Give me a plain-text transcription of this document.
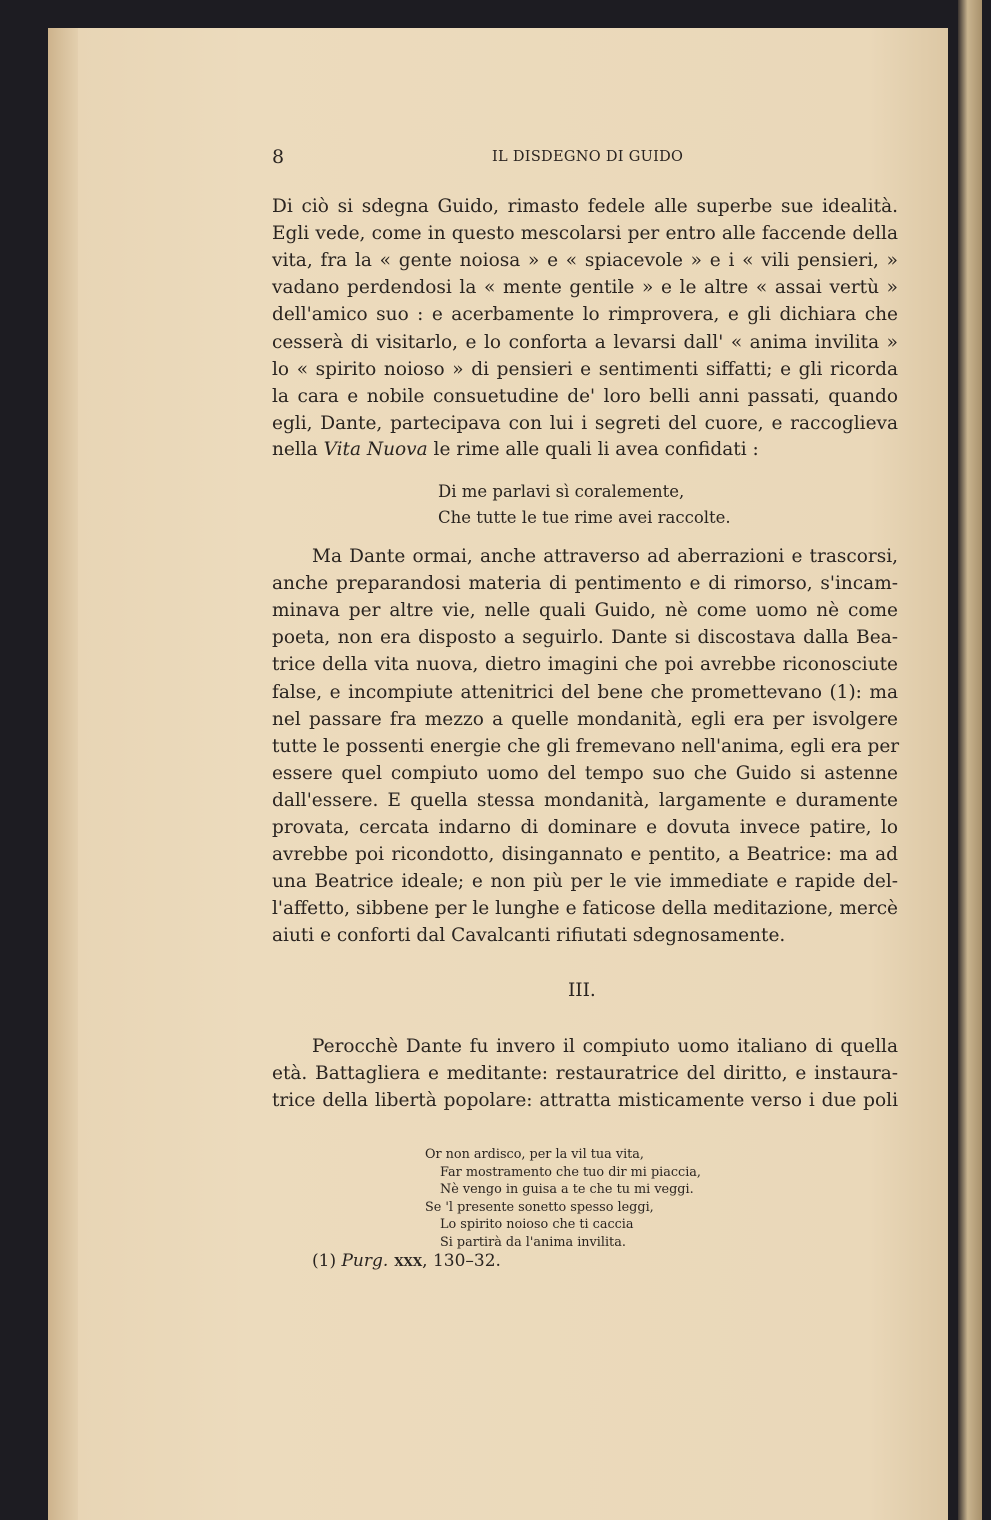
8	IL DISDEGNO DI GUIDO
Di ciò si sdegna Guido, rimasto fedele alle superbe sue idealità.
Egli vede, come in questo mescolarsi per entro alle faccende della
vita, fra la « gente noiosa » e « spiacevole » e i « vili pensieri, »
vadano perdendosi la « mente gentile » e le altre « assai vertù »
dell'amico suo : e acerbamente lo rimprovera, e gli dichiara che
cesserà di visitarlo, e lo conforta a levarsi dall' « anima invilita »
lo « spirito noioso » di pensieri e sentimenti siffatti; e gli ricorda
la cara e nobile consuetudine de' loro belli anni passati, quando
egli, Dante, partecipava con lui i segreti del cuore, e raccoglieva
nella Vita Nuova le rime alle quali li avea confidati :
Di me parlavi sì coralemente,
Che tutte le tue rime avei raccolte.
Ma Dante ormai, anche attraverso ad aberrazioni e trascorsi,
anche preparandosi materia di pentimento e di rimorso, s'incam-
minava per altre vie, nelle quali Guido, nè come uomo nè come
poeta, non era disposto a seguirlo. Dante si discostava dalla Bea-
trice della vita nuova, dietro imagini che poi avrebbe riconosciute
false, e incompiute attenitrici del bene che promettevano (1): ma
nel passare fra mezzo a quelle mondanità, egli era per isvolgere
tutte le possenti energie che gli fremevano nell'anima, egli era per
essere quel compiuto uomo del tempo suo che Guido si astenne
dall'essere. E quella stessa mondanità, largamente e duramente
provata, cercata indarno di dominare e dovuta invece patire, lo
avrebbe poi ricondotto, disingannato e pentito, a Beatrice: ma ad
una Beatrice ideale; e non più per le vie immediate e rapide del-
l'affetto, sibbene per le lunghe e faticose della meditazione, mercè
aiuti e conforti dal Cavalcanti rifiutati sdegnosamente.
III.
Perocchè Dante fu invero il compiuto uomo italiano di quella
età. Battagliera e meditante: restauratrice del diritto, e instaura-
trice della libertà popolare: attratta misticamente verso i due poli
Or non ardisco, per la vil tua vita,
Far mostramento che tuo dir mi piaccia,
Nè vengo in guisa a te che tu mi veggi.
Se 'l presente sonetto spesso leggi,
Lo spirito noioso che ti caccia
Si partirà da l'anima invilita.
(1) Purg. xxx, 130–32.
